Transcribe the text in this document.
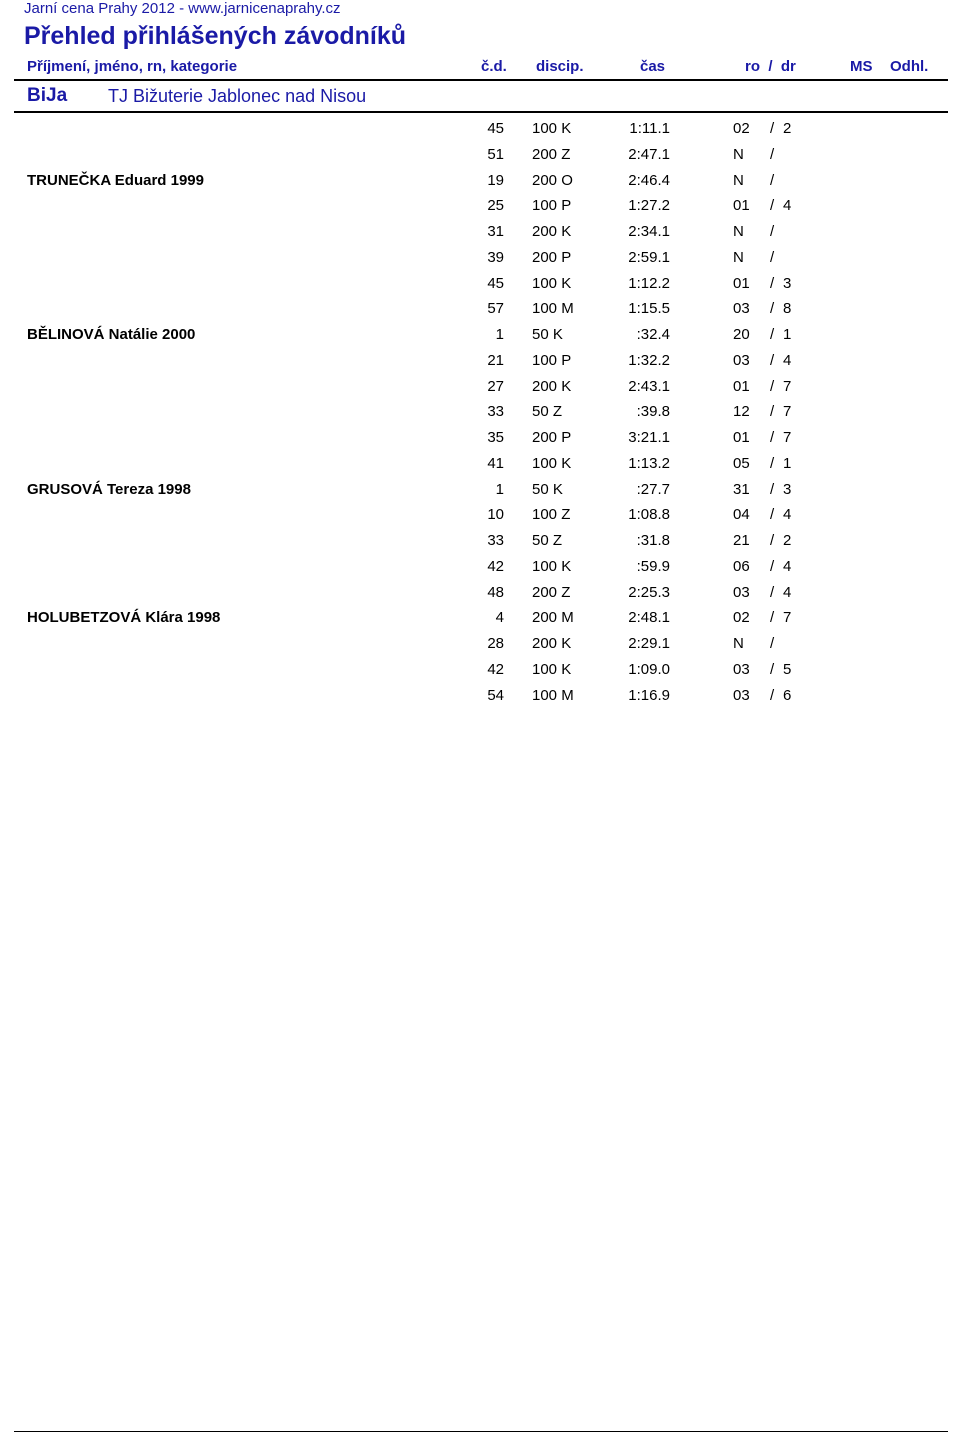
Jarní cena Prahy 2012 - www.jarnicenaprahy.cz
Přehled přihlášených závodníků
Příjmení, jméno, rn, kategorie	č.d. discip.	čas	ro  /  dr	MS Odhl.
BiJa TJ Bižuterie Jablonec nad Nisou
45 100 K	1:11.1	02 / 2
51 200 Z	2:47.1	N /
TRUNEČKA Eduard 1999	19 200 O	2:46.4	N /
25 100 P	1:27.2	01 / 4
31 200 K	2:34.1	N /
39 200 P	2:59.1	N /
45 100 K	1:12.2	01 / 3
57 100 M	1:15.5	03 / 8
BĚLINOVÁ Natálie 2000	1 50 K	:32.4	20 / 1
21 100 P	1:32.2	03 / 4
27 200 K	2:43.1	01 / 7
33 50 Z	:39.8	12 / 7
35 200 P	3:21.1	01 / 7
41 100 K	1:13.2	05 / 1
GRUSOVÁ Tereza 1998	1 50 K	:27.7	31 / 3
10 100 Z	1:08.8	04 / 4
33 50 Z	:31.8	21 / 2
42 100 K	:59.9	06 / 4
48 200 Z	2:25.3	03 / 4
HOLUBETZOVÁ Klára 1998	4 200 M	2:48.1	02 / 7
28 200 K	2:29.1	N /
42 100 K	1:09.0	03 / 5
54 100 M	1:16.9	03 / 6
